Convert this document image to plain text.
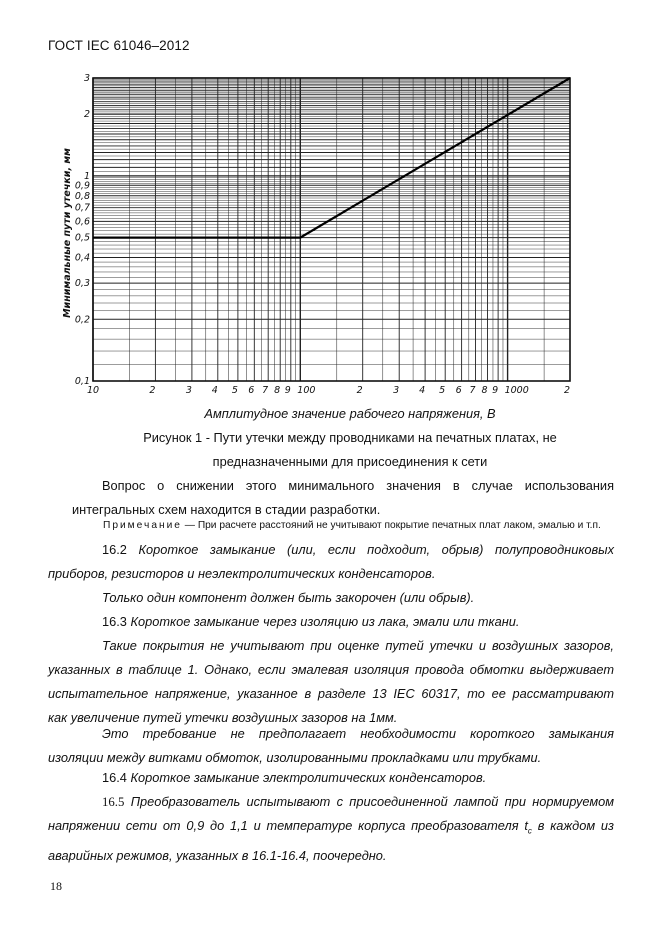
ГОСТ IEC 61046–2012
10	2	3 4 5 6 7 8 9 100	2	3 4 5 6 7 8 9 1000	2
0,1
0,2
0,3
0,4
0,5
0,6
0,7
0,8
0,9
1
2
3
Минимальные пути утечки, мм
Амплитудное значение рабочего напряжения, В
Рисунок 1 - Пути утечки между проводниками на печатных платах, не
предназначенными для присоединения к сети
Вопрос о снижении этого минимального значения в случае использования
интегральных схем находится в стадии разработки.
Примечание — При расчете расстояний не учитывают покрытие печатных плат лаком, эмалью и т.п.
16.2 Короткое замыкание (или, если подходит, обрыв) полупроводниковых
приборов, резисторов и неэлектролитических конденсаторов.
Только один компонент должен быть закорочен (или обрыв).
16.3 Короткое замыкание через изоляцию из лака, эмали или ткани.
Такие покрытия не учитывают при оценке путей утечки и воздушных зазоров,
указанных в таблице 1. Однако, если эмалевая изоляция провода обмотки выдерживает
испытательное напряжение, указанное в разделе 13 IEC 60317, то ее рассматривают
как увеличение путей утечки воздушных зазоров на 1мм.
Это требование не предполагает необходимости короткого замыкания
изоляции между витками обмоток, изолированными прокладками или трубками.
16.4 Короткое замыкание электролитических конденсаторов.
16.5 Преобразователь испытывают с присоединенной лампой при нормируемом
напряжении сети от 0,9 до 1,1 и температуре корпуса преобразователя $t_c$ в каждом из
аварийных режимов, указанных в 16.1-16.4, поочередно.
18
